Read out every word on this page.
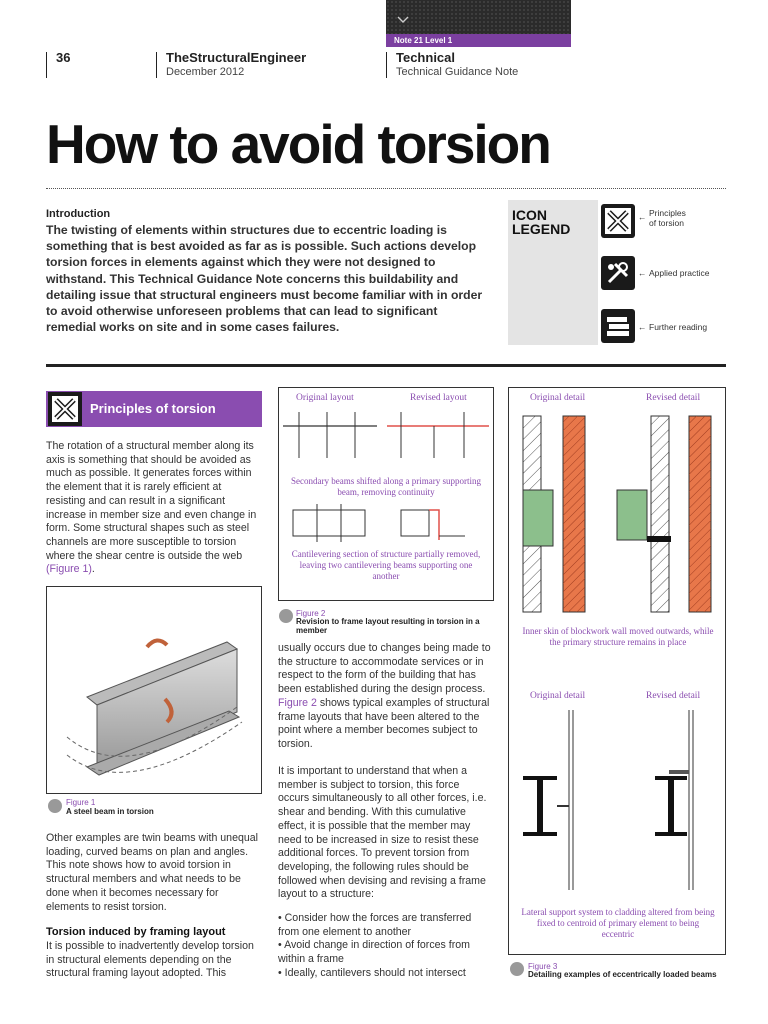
Note 21 Level 1
36	TheStructuralEngineer
December 2012
Technical
Technical Guidance Note
How to avoid torsion
Introduction

The twisting of elements within structures due to eccentric loading is something that is best avoided as far as is possible. Such actions develop torsion forces in elements against which they were not designed to withstand. This Technical Guidance Note concerns this buildability and detailing issue that structural engineers must become familiar with in order to avoid otherwise unforeseen problems that can lead to significant remedial works on site and in some cases failures.

ICON
LEGEND
← Principles
of torsion
← Applied practice
← Further reading
Principles of torsion

The rotation of a structural member along its axis is something that should be avoided as much as possible. It generates forces within the element that it is rarely efficient at resisting and can result in a significant increase in member size and even change in form. Some structural shapes such as steel channels are more susceptible to torsion where the shear centre is outside the web (Figure 1).

Figure 1
A steel beam in torsion

Other examples are twin beams with unequal loading, curved beams on plan and angles. This note shows how to avoid torsion in structural members and what needs to be done when it becomes necessary for elements to resist torsion.

Torsion induced by framing layout

It is possible to inadvertently develop torsion in structural elements depending on the structural framing layout adopted. This

Original layout	Revised layout
Secondary beams shifted along a primary supporting beam, removing continuity
Cantilevering section of structure partially removed, leaving two cantilevering beams supporting one another
Figure 2
Revision to frame layout resulting in torsion in a member

usually occurs due to changes being made to the structure to accommodate services or in respect to the form of the building that has been established during the design process. Figure 2 shows typical examples of structural frame layouts that have been altered to the point where a member becomes subject to torsion.

It is important to understand that when a member is subject to torsion, this force occurs simultaneously to all other forces, i.e. shear and bending. With this cumulative effect, it is possible that the member may need to be increased in size to resist these additional forces. To prevent torsion from developing, the following rules should be followed when devising and revising a frame layout to a structure:

• Consider how the forces are transferred from one element to another
• Avoid change in direction of forces from within a frame
• Ideally, cantilevers should not intersect
Original detail	Revised detail
Inner skin of blockwork wall moved outwards, while the primary structure remains in place
Original detail	Revised detail
Lateral support system to cladding altered from being fixed to centroid of primary element to being eccentric
Figure 3
Detailing examples of eccentrically loaded beams
